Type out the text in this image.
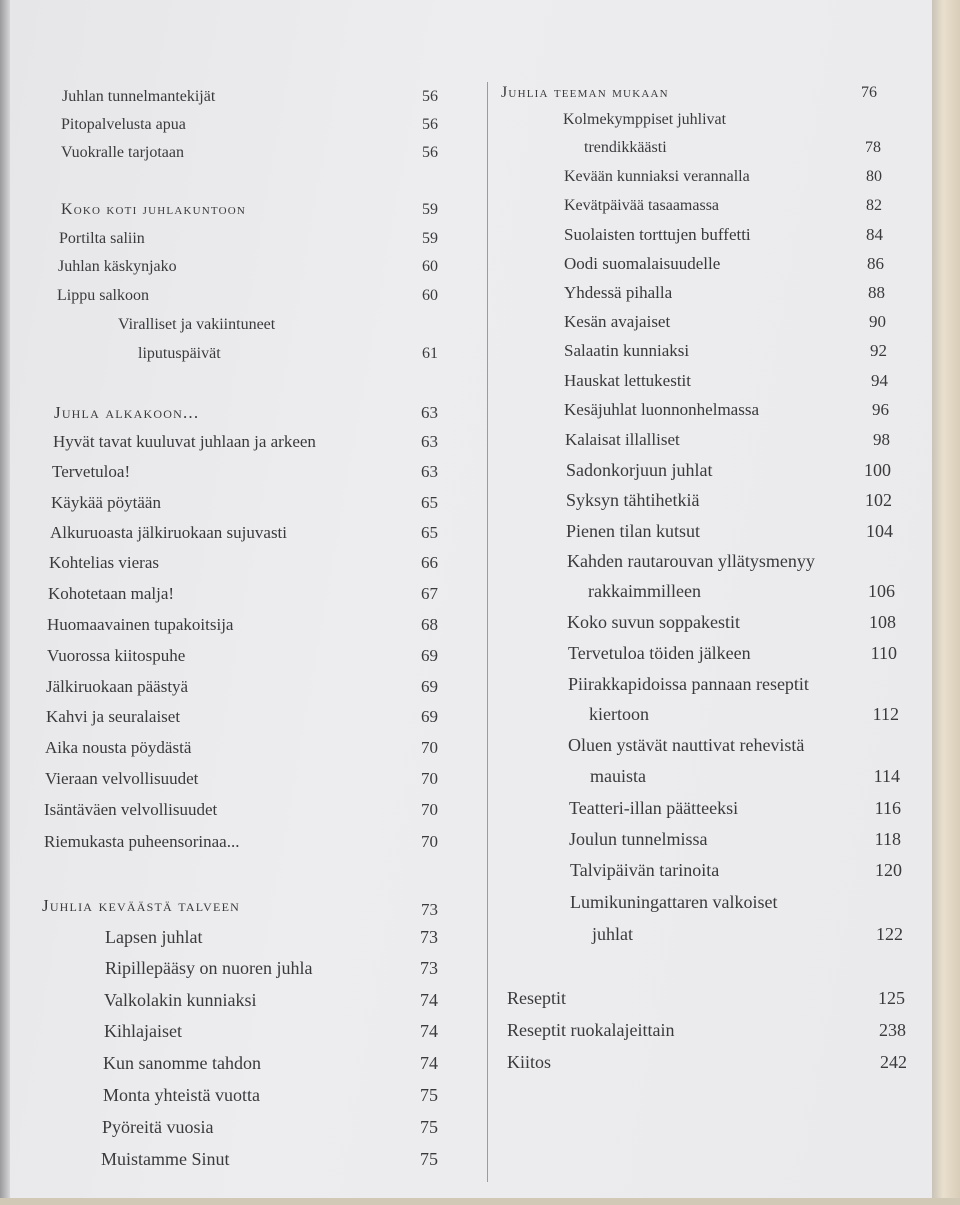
Juhlan tunnelmantekijät	56
Pitopalvelusta apua	56
Vuokralle tarjotaan	56
Koko koti juhlakuntoon	59
Portilta saliin	59
Juhlan käskynjako	60
Lippu salkoon	60
Viralliset ja vakiintuneet
liputuspäivät	61
Juhla alkakoon...	63
Hyvät tavat kuuluvat juhlaan ja arkeen	63
Tervetuloa!	63
Käykää pöytään	65
Alkuruoasta jälkiruokaan sujuvasti	65
Kohtelias vieras	66
Kohotetaan malja!	67
Huomaavainen tupakoitsija	68
Vuorossa kiitospuhe	69
Jälkiruokaan päästyä	69
Kahvi ja seuralaiset	69
Aika nousta pöydästä	70
Vieraan velvollisuudet	70
Isäntäväen velvollisuudet	70
Riemukasta puheensorinaa...	70
Juhlia keväästä talveen	73
Lapsen juhlat	73
Ripillepääsy on nuoren juhla	73
Valkolakin kunniaksi	74
Kihlajaiset	74
Kun sanomme tahdon	74
Monta yhteistä vuotta	75
Pyöreitä vuosia	75
Muistamme Sinut	75
Juhlia teeman mukaan	76
Kolmekymppiset juhlivat
trendikkäästi	78
Kevään kunniaksi verannalla	80
Kevätpäivää tasaamassa	82
Suolaisten torttujen buffetti	84
Oodi suomalaisuudelle	86
Yhdessä pihalla	88
Kesän avajaiset	90
Salaatin kunniaksi	92
Hauskat lettukestit	94
Kesäjuhlat luonnonhelmassa	96
Kalaisat illalliset	98
Sadonkorjuun juhlat	100
Syksyn tähtihetkiä	102
Pienen tilan kutsut	104
Kahden rautarouvan yllätysmenyy
rakkaimmilleen	106
Koko suvun soppakestit	108
Tervetuloa töiden jälkeen	110
Piirakkapidoissa pannaan reseptit
kiertoon	112
Oluen ystävät nauttivat rehevistä
mauista	114
Teatteri-illan päätteeksi	116
Joulun tunnelmissa	118
Talvipäivän tarinoita	120
Lumikuningattaren valkoiset
juhlat	122
Reseptit	125
Reseptit ruokalajeittain	238
Kiitos	242
